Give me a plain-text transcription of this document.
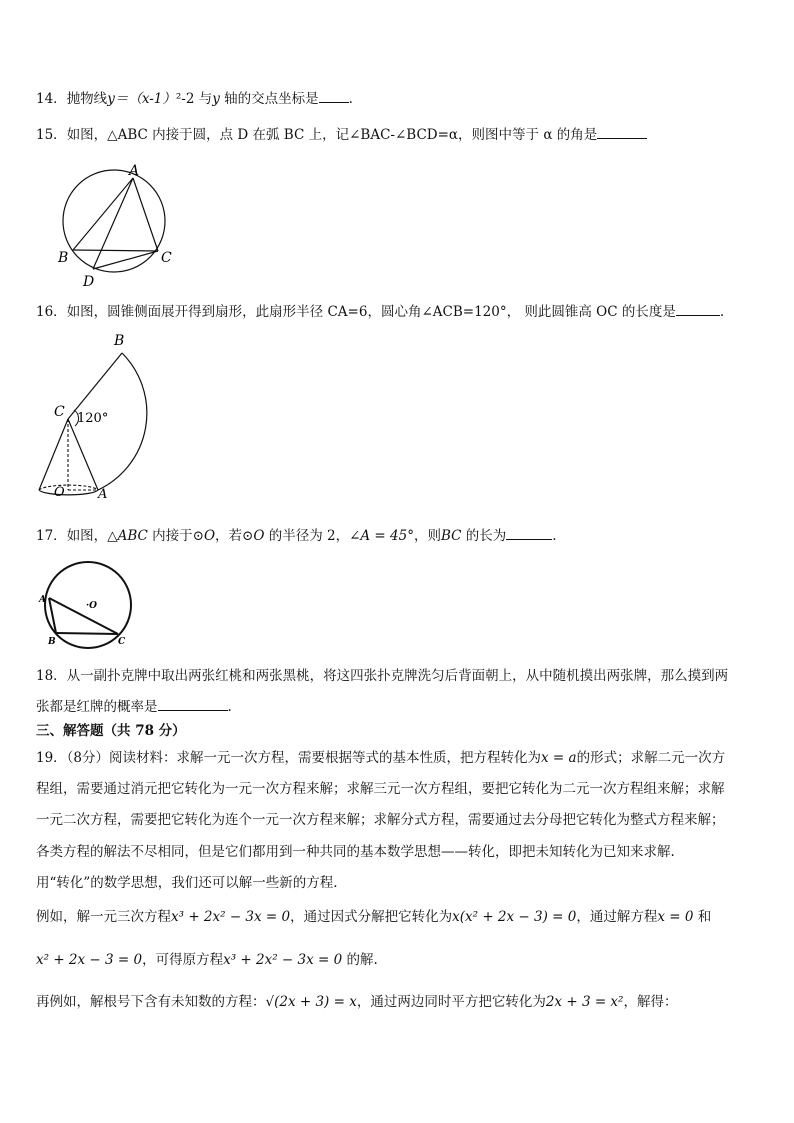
14．抛物线y＝（x-1）²-2 与y 轴的交点坐标是 .
15．如图，△ABC 内接于圆，点 D 在弧 BC 上，记∠BAC-∠BCD=α，则图中等于 α 的角是
A
B	C
D
16．如图，圆锥侧面展开得到扇形，此扇形半径 CA=6，圆心角∠ACB=120°， 则此圆锥高 OC 的长度是	.
B
C 120°
O	A
17．如图，△ABC 内接于⊙O，若⊙O 的半径为 2，∠A = 45°，则BC 的长为	.
A
B	C
·O
18．从一副扑克牌中取出两张红桃和两张黑桃，将这四张扑克牌洗匀后背面朝上，从中随机摸出两张牌，那么摸到两
张都是红牌的概率是	.
三、解答题（共 78 分）
19．（8分）阅读材料：求解一元一次方程，需要根据等式的基本性质，把方程转化为x = a的形式；求解二元一次方
程组，需要通过消元把它转化为一元一次方程来解；求解三元一次方程组，要把它转化为二元一次方程组来解；求解
一元二次方程，需要把它转化为连个一元一次方程来解；求解分式方程，需要通过去分母把它转化为整式方程来解；
各类方程的解法不尽相同，但是它们都用到一种共同的基本数学思想——转化，即把未知转化为已知来求解.
用“转化”的数学思想，我们还可以解一些新的方程.
例如，解一元三次方程x³ + 2x² − 3x = 0，通过因式分解把它转化为x(x² + 2x − 3) = 0，通过解方程x = 0 和
x² + 2x − 3 = 0，可得原方程x³ + 2x² − 3x = 0 的解.
再例如，解根号下含有未知数的方程：√(2x + 3) = x，通过两边同时平方把它转化为2x + 3 = x²，解得：
